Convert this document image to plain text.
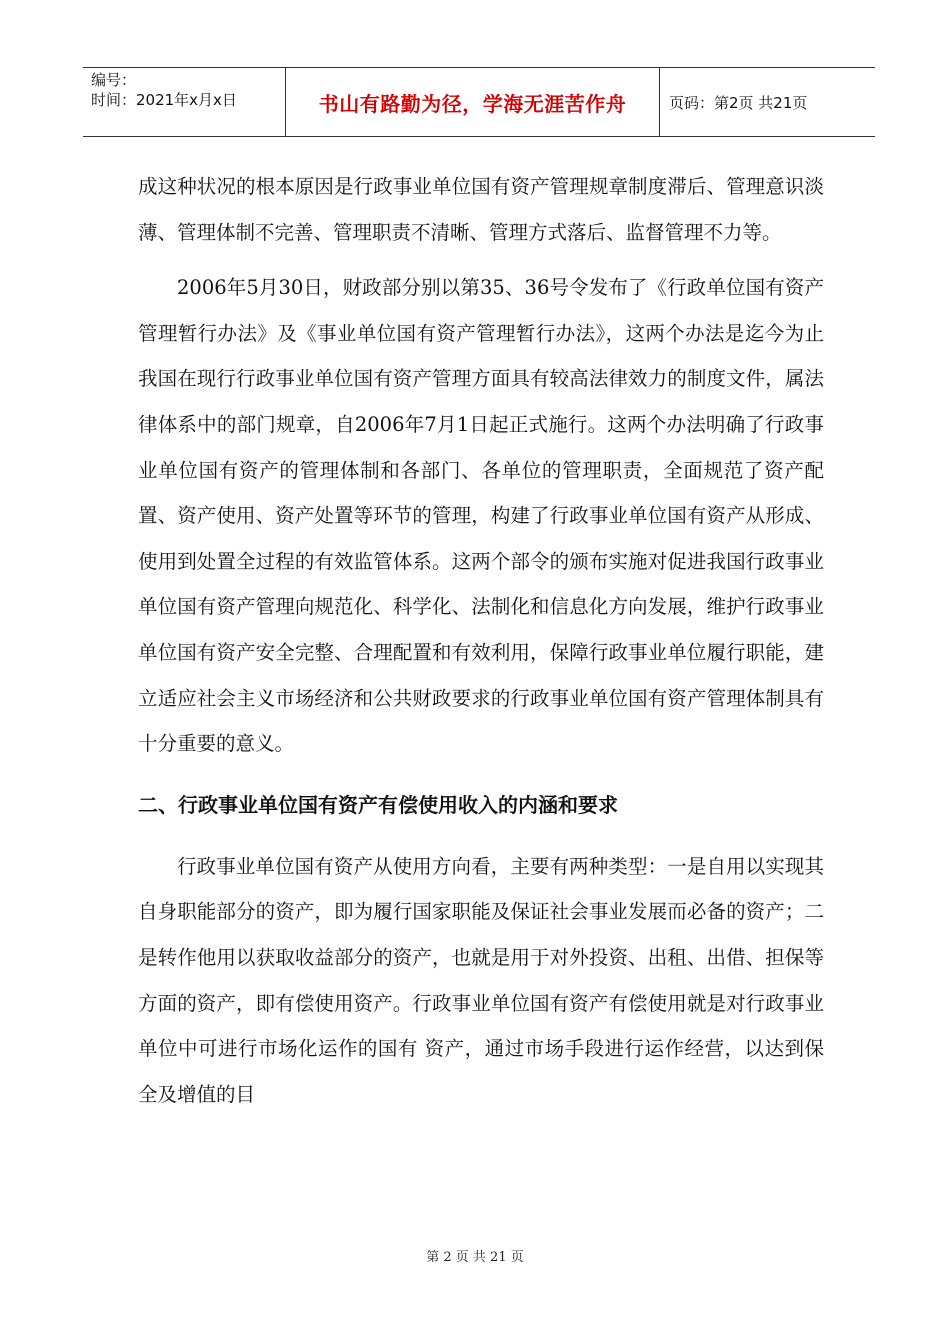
编号：
时间：2021年x月x日	书山有路勤为径，学海无涯苦作舟	页码：第2页 共21页

成这种状况的根本原因是行政事业单位国有资产管理规章制度滞后、管理意识淡薄、管理体制不完善、管理职责不清晰、管理方式落后、监督管理不力等。

2006年5月30日，财政部分别以第35、36号令发布了《行政单位国有资产管理暂行办法》及《事业单位国有资产管理暂行办法》，这两个办法是迄今为止我国在现行行政事业单位国有资产管理方面具有较高法律效力的制度文件，属法律体系中的部门规章，自2006年7月1日起正式施行。这两个办法明确了行政事业单位国有资产的管理体制和各部门、各单位的管理职责，全面规范了资产配置、资产使用、资产处置等环节的管理，构建了行政事业单位国有资产从形成、使用到处置全过程的有效监管体系。这两个部令的颁布实施对促进我国行政事业单位国有资产管理向规范化、科学化、法制化和信息化方向发展，维护行政事业单位国有资产安全完整、合理配置和有效利用，保障行政事业单位履行职能，建立适应社会主义市场经济和公共财政要求的行政事业单位国有资产管理体制具有十分重要的意义。

二、行政事业单位国有资产有偿使用收入的内涵和要求

行政事业单位国有资产从使用方向看，主要有两种类型：一是自用以实现其自身职能部分的资产，即为履行国家职能及保证社会事业发展而必备的资产；二是转作他用以获取收益部分的资产，也就是用于对外投资、出租、出借、担保等方面的资产，即有偿使用资产。行政事业单位国有资产有偿使用就是对行政事业单位中可进行市场化运作的国有 资产，通过市场手段进行运作经营，以达到保全及增值的目

第 2 页 共 21 页
